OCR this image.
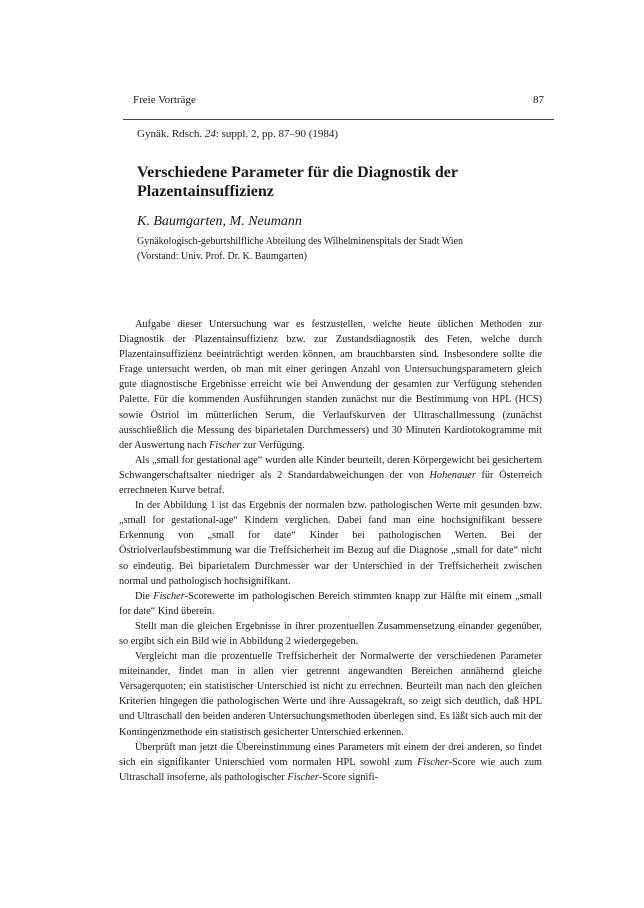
Freie Vorträge	87
Gynäk. Rdsch. 24: suppl. 2, pp. 87–90 (1984)
Verschiedene Parameter für die Diagnostik der Plazentainsuffizienz
K. Baumgarten, M. Neumann
Gynäkologisch-geburtshilfliche Abteilung des Wilhelminenspitals der Stadt Wien
(Vorstand: Univ. Prof. Dr. K. Baumgarten)

Aufgabe dieser Untersuchung war es festzustellen, welche heute üblichen Methoden zur Diagnostik der Plazentainsuffizienz bzw. zur Zustandsdiagnostik des Feten, welche durch Plazentainsuffizienz beeinträchtigt werden können, am brauchbarsten sind. Insbesondere sollte die Frage untersucht werden, ob man mit einer geringen Anzahl von Untersuchungsparametern gleich gute diagnostische Ergebnisse erreicht wie bei Anwendung der gesamten zur Verfügung stehenden Palette. Für die kommenden Ausführungen standen zunächst nur die Bestimmung von HPL (HCS) sowie Östriol im mütterlichen Serum, die Verlaufskurven der Ultraschallmessung (zunächst ausschließlich die Messung des biparietalen Durchmessers) und 30 Minuten Kardiotokogramme mit der Auswertung nach Fischer zur Verfügung.

Als „small for gestational age“ wurden alle Kinder beurteilt, deren Körpergewicht bei gesichertem Schwangerschaftsalter niedriger als 2 Standardabweichungen der von Hohenauer für Österreich errechneten Kurve betraf.

In der Abbildung 1 ist das Ergebnis der normalen bzw. pathologischen Werte mit gesunden bzw. „small for gestational-age“ Kindern verglichen. Dabei fand man eine hochsignifikant bessere Erkennung von „small for date“ Kinder bei pathologischen Werten. Bei der Östriolverlaufsbestimmung war die Treffsicherheit im Bezug auf die Diagnose „small for date“ nicht so eindeutig. Bei biparietalem Durchmesser war der Unterschied in der Treffsicherheit zwischen normal und pathologisch hochsignifikant.

Die Fischer-Scorewerte im pathologischen Bereich stimmten knapp zur Hälfte mit einem „small for date“ Kind überein.

Stellt man die gleichen Ergebnisse in ihrer prozentuellen Zusammensetzung einander gegenüber, so ergibt sich ein Bild wie in Abbildung 2 wiedergegeben.

Vergleicht man die prozentuelle Treffsicherheit der Normalwerte der verschiedenen Parameter miteinander, findet man in allen vier getrennt angewandten Bereichen annähernd gleiche Versagerquoten; ein statistischer Unterschied ist nicht zu errechnen. Beurteilt man nach den gleichen Kriterien hingegen die pathologischen Werte und ihre Aussagekraft, so zeigt sich deutlich, daß HPL und Ultraschall den beiden anderen Untersuchungsmethoden überlegen sind. Es läßt sich auch mit der Kontingenzmethode ein statistisch gesicherter Unterschied erkennen.

Überprüft man jetzt die Übereinstimmung eines Parameters mit einem der drei anderen, so findet sich ein signifikanter Unterschied vom normalen HPL sowohl zum Fischer-Score wie auch zum Ultraschall insoferne, als pathologischer Fischer-Score signifi-
